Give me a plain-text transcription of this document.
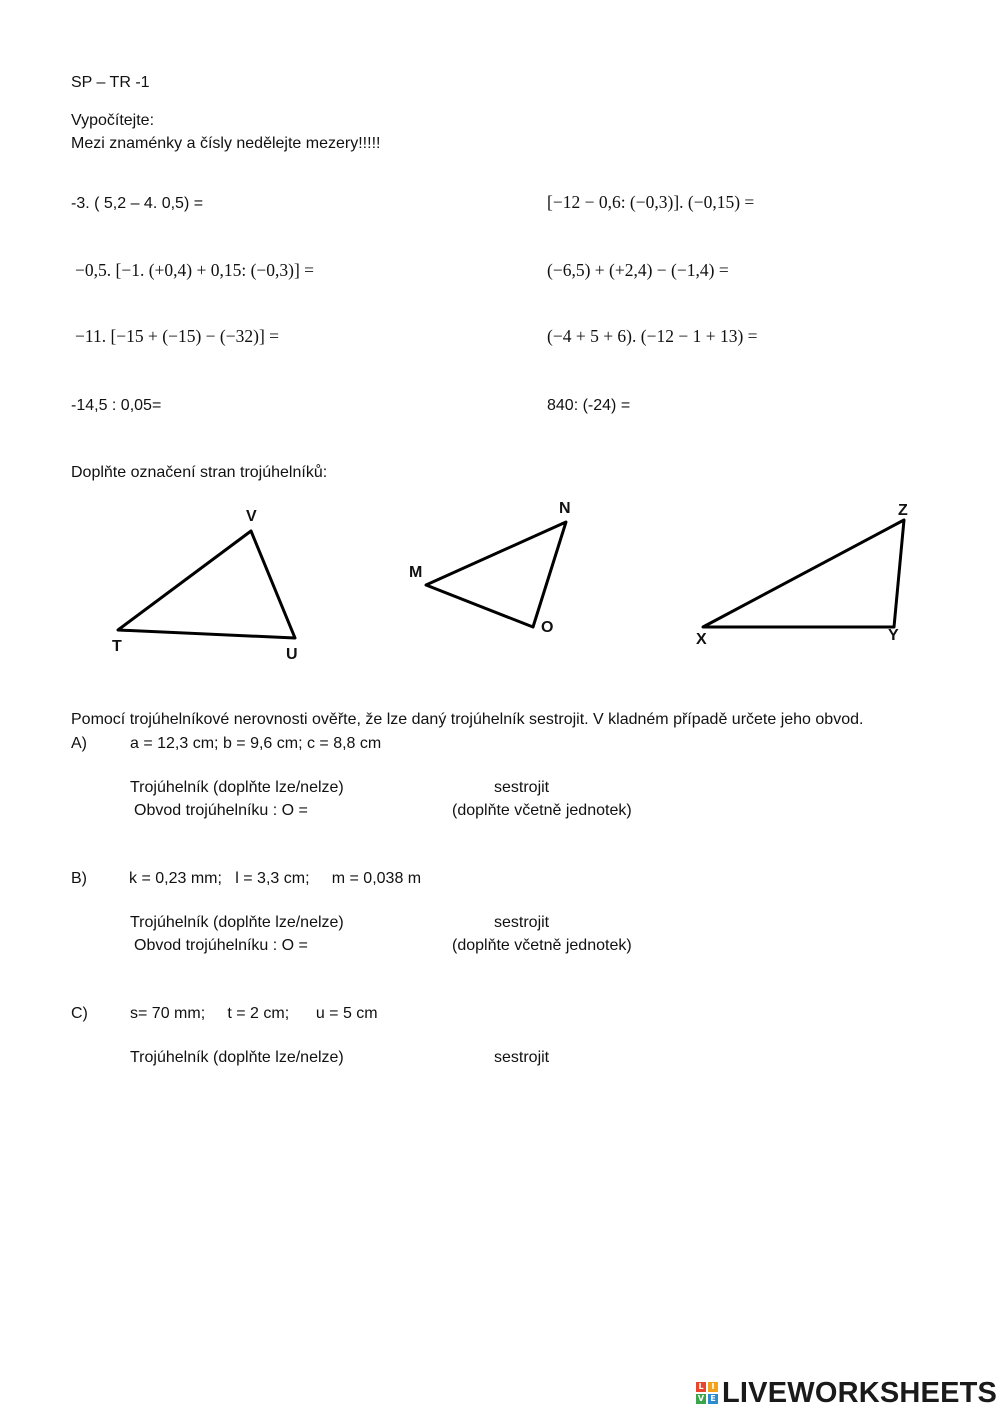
SP – TR -1
Vypočítejte:
Mezi znaménky a čísly nedělejte mezery!!!!!
-3. ( 5,2 – 4. 0,5) =	[−12 − 0,6: (−0,3)]. (−0,15) =
−0,5. [−1. (+0,4) + 0,15: (−0,3)] =	(−6,5) + (+2,4) − (−1,4) =
−11. [−15 + (−15) − (−32)] =	(−4 + 5 + 6). (−12 − 1 + 13) =
-14,5 : 0,05=	840: (-24) =
Doplňte označení stran trojúhelníků:
V
T	U
N
M
O
Z
X	Y
Pomocí trojúhelníkové nerovnosti ověřte, že lze daný trojúhelník sestrojit. V kladném případě určete jeho obvod.
A)	a = 12,3 cm; b = 9,6 cm; c = 8,8 cm
Trojúhelník (doplňte lze/nelze)	sestrojit
Obvod trojúhelníku : O =	(doplňte včetně jednotek)
B)	k = 0,23 mm;   l = 3,3 cm;     m = 0,038 m
Trojúhelník (doplňte lze/nelze)	sestrojit
Obvod trojúhelníku : O =	(doplňte včetně jednotek)
C)	s= 70 mm;     t = 2 cm;      u = 5 cm
Trojúhelník (doplňte lze/nelze)	sestrojit
L I
V E LIVEWORKSHEETS
